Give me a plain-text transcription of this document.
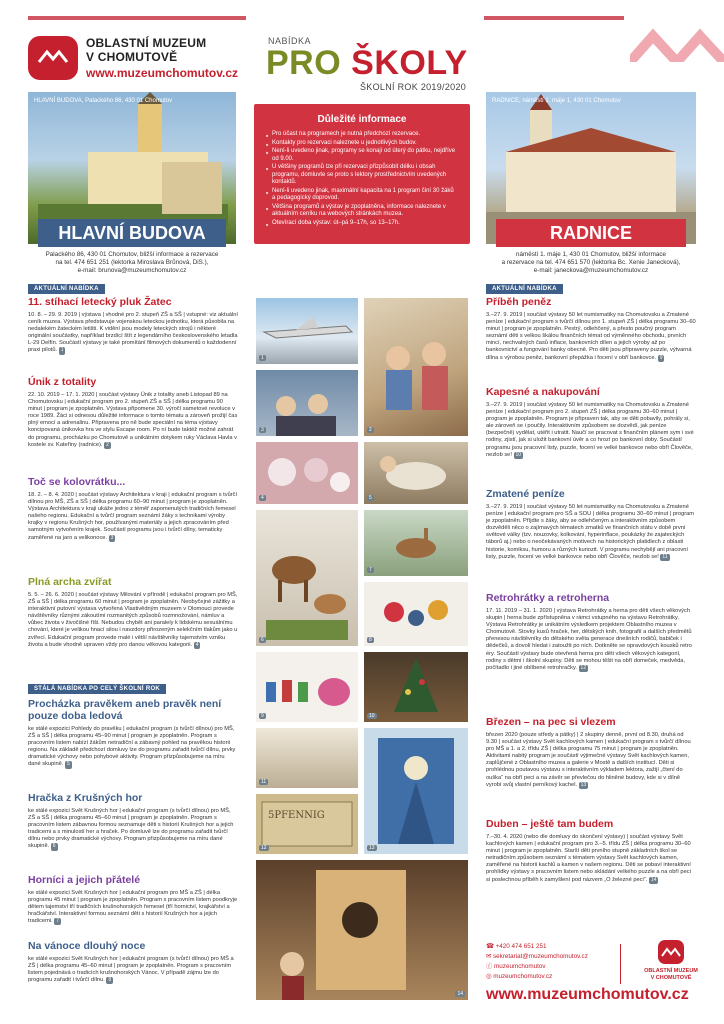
OBLASTNÍ MUZEUM
V CHOMUTOVĚ
www.muzeumchomutov.cz
NABÍDKA
PRO ŠKOLY
ŠKOLNÍ ROK 2019/2020
HLAVNÍ BUDOVA, Palackého 86, 430 01 Chomutov
HLAVNÍ BUDOVA
Palackého 86, 430 01 Chomutov, bližší informace a rezervace
na tel. 474 651 251 (lektorka Miroslava Brůnová, DiS.),
e-mail: brunova@muzeumchomutov.cz
Důležité informace
■ Pro účast na programech je nutná předchozí rezervace.
■ Kontakty pro rezervaci naleznete u jednotlivých budov.
■ Není-li uvedeno jinak, programy se konají od úterý do pátku, nejdříve od 9.00.
■ U většiny programů lze při rezervaci přizpůsobit délku i obsah programu, domluvte se proto s lektory prostřednictvím uvedených kontaktů.
■ Není-li uvedeno jinak, maximální kapacita na 1 program činí 30 žáků a pedagogický doprovod.
■ Většina programů a výstav je zpoplatněna, informace naleznete v aktuálním ceníku na webových stránkách muzea.
■ Otevírací doba výstav: út–pá 9–17h, so 13–17h.
RADNICE, náměstí 1. máje 1, 430 01 Chomutov
RADNICE
náměstí 1. máje 1, 430 01 Chomutov, bližší informace
a rezervace na tel. 474 651 570 (lektorka Bc. Xenie Janecková),
e-mail: janeckova@muzeumchomutov.cz
AKTUÁLNÍ NABÍDKA
11. stíhací letecký pluk Žatec
10. 8. – 29. 9. 2019 | výstava | vhodné pro 2. stupeň ZŠ a SŠ | vstupné: viz aktuální ceník muzea. Výstava představuje vojenskou leteckou jednotku, která působila na nedalekém žateckém letišti. K vidění jsou modely leteckých strojů i některé originální součástky, například brzdící štít z legendárního československého letadla L-29 Delfín. Součástí výstavy je také promítání filmových dokumentů o každodenní praxi pilotů. 1
Únik z totality
22. 10. 2019 – 17. 1. 2020 | součást výstavy Únik z totality aneb Listopad 89 na Chomutovsku | edukační program pro 2. stupeň ZŠ a SŠ | délka programu 90 minut | program je zpoplatněn. Výstava připomene 30. výročí sametové revoluce v roce 1989. Žáci si odnesou důležité informace o tomto tématu a zároveň prožijí čas plný emocí a adrenalinu. Připravena pro ně bude speciální na téma výstavy koncipovaná únikovka hra ve stylu Escape room. Po ní bude taktéž možné zahrát do programu, procházku po Chomutově a unikátním dotykem ruky Václava Havla v kostele sv. Kateřiny (radnice). 2
Toč se kolovrátku...
18. 2. – 8. 4. 2020 | součást výstavy Architektura v kraji | edukační program s tvůrčí dílnou pro MŠ, ZŠ a SŠ | délka programu 60–90 minut | program je zpoplatněn. Výstava Architektura v kraji ukáže jedno z téměř zapomenutých tradičních řemesel našeho regionu. Edukační a tvůrčí program seznámí žáky s technikami výroby krajky v regionu Krušných hor, používanými materiály a jejich zpracováním před samotným vytvořením krajek. Součástí programu jsou i tvůrčí dílny, tematicky zaměřené na jaro a velikonoce. 3
Plná archa zvířat
5. 5. – 26. 6. 2020 | součást výstavy Milování v přírodě | edukační program pro MŠ, ZŠ a SŠ | délka programu 60 minut | program je zpoplatněn. Neobyčejné zážitky a interaktivní putovní výstava vytvořená Vlastivědným muzeem v Olomouci provede návštěvníky různými zákoutími rozmanitých způsobů rozmnožování, námluv a vůbec života v živočišné říši. Nebudou chybět ani paralely k lidskému sexuálnímu chování, které je velikou hnací silou i navzdory přirozeným selekčním tlakům jako u zvířecí. Edukační program provede malé i větší návštěvníky tajemstvím vzniku života a bude vhodně upraven vždy pro danou věkovou kategorii. 4
STÁLÁ NABÍDKA PO CELÝ ŠKOLNÍ ROK
Procházka pravěkem aneb pravěk není pouze doba ledová
ke stálé expozici Pohledy do pravěku | edukační program (s tvůrčí dílnou) pro MŠ, ZŠ a SŠ | délka programu 45–90 minut | program je zpoplatněn. Program s pracovním listem nabízí žákům netradiční a zábavný pohled na pravěkou historii regionu. Na základě předchozí domluvy lze do programu zařadit tvůrčí dílnu, prvky dramatické výchovy nebo pohybové aktivity. Program přizpůsobujeme na míru dané skupině. 5
Hračka z Krušných hor
ke stálé expozici Svět Krušných hor | edukační program (s tvůrčí dílnou) pro MŠ, ZŠ a SŠ | délka programu 45–60 minut | program je zpoplatněn. Program s pracovním listem zábavnou formou seznamuje děti s historií Krušných hor a jejich tradicemi a s minulostí her a hraček. Po domluvě lze do programu zařadit tvůrčí dílnu nebo prvky dramatické výchovy. Program přizpůsobujeme na míru dané skupině. 6
Horníci a jejich přátelé
ke stálé expozici Svět Krušných hor | edukační program pro MŠ a ZŠ | délka programu 45 minut | program je zpoplatněn. Program s pracovním listem poodkryje dětem tajemství tří tradičních krušnohorských řemesel (tří hornictví, krajkářství a hračkářství. Interaktivní formou seznámí děti s historií Krušných hor a jejich tradicemi. 7
Na vánoce dlouhý noce
ke stálé expozici Svět Krušných hor | edukační program (s tvůrčí dílnou) pro MŠ a ZŠ | délka programu 45–60 minut | program je zpoplatněn. Program s pracovním listem pojednává o tradicích krušnohorských Vánoc. V případě zájmu lze do programu zařadit i tvůrčí dílnu. 8
1
2
3
4	5
6
7
8
9	10
11
5PFENNIG
12	13
14
AKTUÁLNÍ NABÍDKA
Příběh peněz
3.–27. 9. 2019 | součást výstavy 50 let numismatiky na Chomutovsku a Zmatené peníze | edukační program s tvůrčí dílnou pro 1. stupeň ZŠ | délka programu 30–60 minut | program je zpoplatněn. Pestrý, odlehčený, a přesto poučný program seznámí děti s velkou škálou finančních témat od výměnného obchodu, prvních mincí, nechvalných časů inflace, bankovních dílen a jejich výroby až po bankovnictví a fungování banky obecně. Pro děti jsou připraveny puzzle, výtvarná dílna s výrobou peněz, bankovní přepážka i focení v obří bankovce. 9
Kapesné a nakupování
3.–27. 9. 2019 | součást výstavy 50 let numismatiky na Chomutovsku a Zmatené peníze | edukační program pro 2. stupeň ZŠ | délka programu 30–60 minut | program je zpoplatněn. Program je připraven tak, aby se děti pobavily, pohrály si, ale zároveň se i poučily. Interaktivním způsobem se dozvědí, jak peníze (bezpečně) vydělat, utéřit i utratit. Naučí se pracovat s finančním plánem sym i své rodiny, zjistí, jak si uložit bankovní úvěr a co hrozí po bankovní doby. Součástí programu jsou pracovní listy, puzzle, focení ve velké bankovce nebo obří Člověče, nezlob se! 10
Zmatené peníze
3.–27. 9. 2019 | součást výstavy 50 let numismatiky na Chomutovsku a Zmatené peníze | edukační program pro SŠ a SOU | délka programu 30–60 minut | program je zpoplatněn. Příjdte s žáky, aby se odlehčeným a interaktivním způsobem dozvěděli něco o zajímavých tématech zmatků ve finančních státu v době první světové války (tzv. nouzovky, kolkování, hyperinflace, poukázky že zajateckých táborů aj.) nebo o neočekávaných motivech na historických platidlech z oblasti historie, komiksu, humoru a různých kuriozit. V programu nechybějí ani pracovní listy, puzzle, focení ve velké bankovce nebo obří Člověče, nezlob se! 11
Retrohrátky a retroherna
17. 11. 2019 – 31. 1. 2020 | výstava Retrohrátky a herna pro děti všech věkových skupin | herna bude zpřístupněna v rámci vstupného na výstavu Retrohrátky. Výstava Retrohrátky je unikátním výsledkem projektem Oblastního muzea v Chomutově. Stovky kusů hraček, her, dětských knih, fotografií a dalších předmětů přenesou návštěvníky do dětského světa generace dnešních rodičů, babiček i dědečků, a dovolí hledat i zatoužit po nich. Dotkněte se opravdových kousků retro éry. Součástí výstavy bude otevřená herna pro děti všech věkových kategorií, rodiny s dětmi i školní skupiny. Děti se mohou těšit na obří domeček, medvěda, počítadlo i jiné oblíbené retrohračky. 12
Březen – na pec si vlezem
březen 2020 (pouze středy a pátky) | 2 skupiny denně, první od 8.30, druhá od 9.30 | součást výstavy Svět kachlových kamen | edukační program s tvůrčí dílnou pro MŠ a 1. a 2. třídu ZŠ | délka programu 75 minut | program je zpoplatněn. Aktivitami nabitý program je součástí výjimečné výstavy Svět kachlových kamen, zaplůjčené z Oblastního muzea a galerie v Mostě a dalších institucí. Děti si prohlédnou poutavou výstavu s interaktivním výkladem lektora, zažijí „čtení do ouška“ na obří peci a na závěr se převlečou do hliněné budovy, kde si v dílně vyrobí svůj vlastní perníkový kachel. 13
Duben – ještě tam budem
7.–30. 4. 2020 (nebo dle domluvy do skončení výstavy) | součást výstavy Svět kachlových kamen | edukační program pro 3.–5. třídu ZŠ | délka programu 30–60 minut | program je zpoplatněn. Starší děti prvního stupně základních škol se netradičním způsobem seznámí s tématem výstavy Svět kachlových kamen, zaměřené na historii kachlů a kamen v našem regionu. Děti se pobaví interaktivní prohlídky výstavy s pracovním listem nebo skládání velkého puzzle a na obří peci si poslechnou příběh k zamyšlení pod názvem „O železné peci“. 14
☎ +420 474 651 251
✉ sekretariat@muzeumchomutov.cz
ⓕ muzeumchomutov
◎ muzeumchomutov.cz
OBLASTNÍ MUZEUM
V CHOMUTOVĚ
www.muzeumchomutov.cz
